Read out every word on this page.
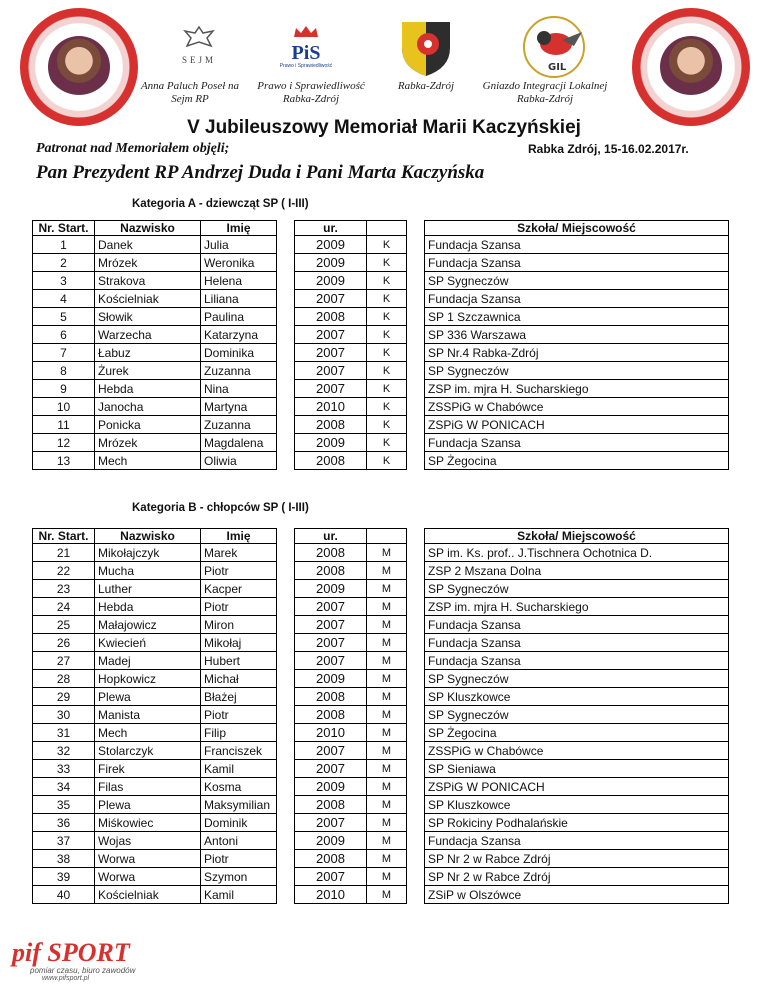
SEJM	PiS
Prawo i Sprawiedliwość	GIL
Anna Paluch Poseł na Sejm RP
Prawo i Sprawiedliwość Rabka-Zdrój
Rabka-Zdrój	Gniazdo Integracji Lokalnej Rabka-Zdrój
V Jubileuszowy Memoriał Marii Kaczyńskiej
Patronat nad Memoriałem objęli;	Rabka Zdrój, 15-16.02.2017r.
Pan Prezydent RP Andrzej Duda i Pani Marta Kaczyńska
Kategoria A - dziewcząt SP ( I-III)
Nr. Start.	Nazwisko	Imię		ur.			Szkoła/ Miejscowość
1	Danek	Julia		2009	K		Fundacja Szansa
2	Mrózek	Weronika		2009	K		Fundacja Szansa
3	Strakova	Helena		2009	K		SP Sygneczów
4	Kościelniak	Liliana		2007	K		Fundacja Szansa
5	Słowik	Paulina		2008	K		SP 1 Szczawnica
6	Warzecha	Katarzyna		2007	K		SP 336 Warszawa
7	Łabuz	Dominika		2007	K		SP Nr.4 Rabka-Zdrój
8	Żurek	Zuzanna		2007	K		SP Sygneczów
9	Hebda	Nina		2007	K		ZSP im. mjra H. Sucharskiego
10	Janocha	Martyna		2010	K		ZSSPiG w Chabówce
11	Ponicka	Zuzanna		2008	K		ZSPiG W PONICACH
12	Mrózek	Magdalena		2009	K		Fundacja Szansa
13	Mech	Oliwia		2008	K		SP Żegocina
Kategoria B - chłopców SP ( I-III)
Nr. Start.	Nazwisko	Imię		ur.			Szkoła/ Miejscowość
21	Mikołajczyk	Marek		2008	M		SP im. Ks. prof.. J.Tischnera Ochotnica D.
22	Mucha	Piotr		2008	M		ZSP 2 Mszana Dolna
23	Luther	Kacper		2009	M		SP Sygneczów
24	Hebda	Piotr		2007	M		ZSP im. mjra H. Sucharskiego
25	Małajowicz	Miron		2007	M		Fundacja Szansa
26	Kwiecień	Mikołaj		2007	M		Fundacja Szansa
27	Madej	Hubert		2007	M		Fundacja Szansa
28	Hopkowicz	Michał		2009	M		SP Sygneczów
29	Plewa	Błażej		2008	M		SP Kluszkowce
30	Manista	Piotr		2008	M		SP Sygneczów
31	Mech	Filip		2010	M		SP Żegocina
32	Stolarczyk	Franciszek		2007	M		ZSSPiG w Chabówce
33	Firek	Kamil		2007	M		SP Sieniawa
34	Filas	Kosma		2009	M		ZSPiG W PONICACH
35	Plewa	Maksymilian		2008	M		SP Kluszkowce
36	Miśkowiec	Dominik		2007	M		SP Rokiciny Podhalańskie
37	Wojas	Antoni		2009	M		Fundacja Szansa
38	Worwa	Piotr		2008	M		SP Nr 2 w Rabce Zdrój
39	Worwa	Szymon		2007	M		SP Nr 2 w Rabce Zdrój
40	Kościelniak	Kamil		2010	M		ZSiP w Olszówce
pif SPORT
pomiar czasu, biuro zawodów
www.pifsport.pl
